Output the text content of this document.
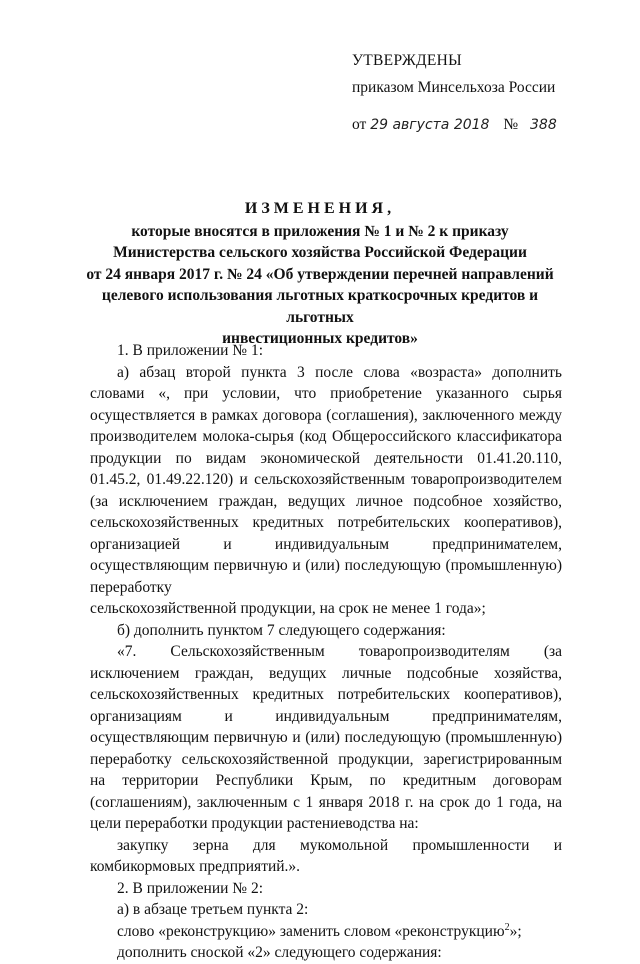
УТВЕРЖДЕНЫ
приказом Минсельхоза России
от 29 августа 2018 № 388
ИЗМЕНЕНИЯ,
которые вносятся в приложения № 1 и № 2 к приказу
Министерства сельского хозяйства Российской Федерации
от 24 января 2017 г. № 24 «Об утверждении перечней направлений
целевого использования льготных краткосрочных кредитов и льготных
инвестиционных кредитов»
1. В приложении № 1:
а) абзац второй пункта 3 после слова «возраста» дополнить словами «, при условии, что приобретение указанного сырья осуществляется в рамках договора (соглашения), заключенного между производителем молока-сырья (код Общероссийского классификатора продукции по видам экономической деятельности 01.41.20.110, 01.45.2, 01.49.22.120) и сельскохозяйственным товаропроизводителем (за исключением граждан, ведущих личное подсобное хозяйство, сельскохозяйственных кредитных потребительских кооперативов), организацией и индивидуальным предпринимателем, осуществляющим первичную и (или) последующую (промышленную) переработку
сельскохозяйственной продукции, на срок не менее 1 года»;
б) дополнить пунктом 7 следующего содержания:
«7. Сельскохозяйственным товаропроизводителям (за исключением граждан, ведущих личные подсобные хозяйства, сельскохозяйственных кредитных потребительских кооперативов), организациям и индивидуальным предпринимателям, осуществляющим первичную и (или) последующую (промышленную) переработку сельскохозяйственной продукции, зарегистрированным на территории Республики Крым, по кредитным договорам (соглашениям), заключенным с 1 января 2018 г. на срок до 1 года, на цели переработки продукции растениеводства на:
закупку зерна для мукомольной промышленности и комбикормовых предприятий.».
2. В приложении № 2:
а) в абзаце третьем пункта 2:
слово «реконструкцию» заменить словом «реконструкцию$^2$»;
дополнить сноской «2» следующего содержания:
